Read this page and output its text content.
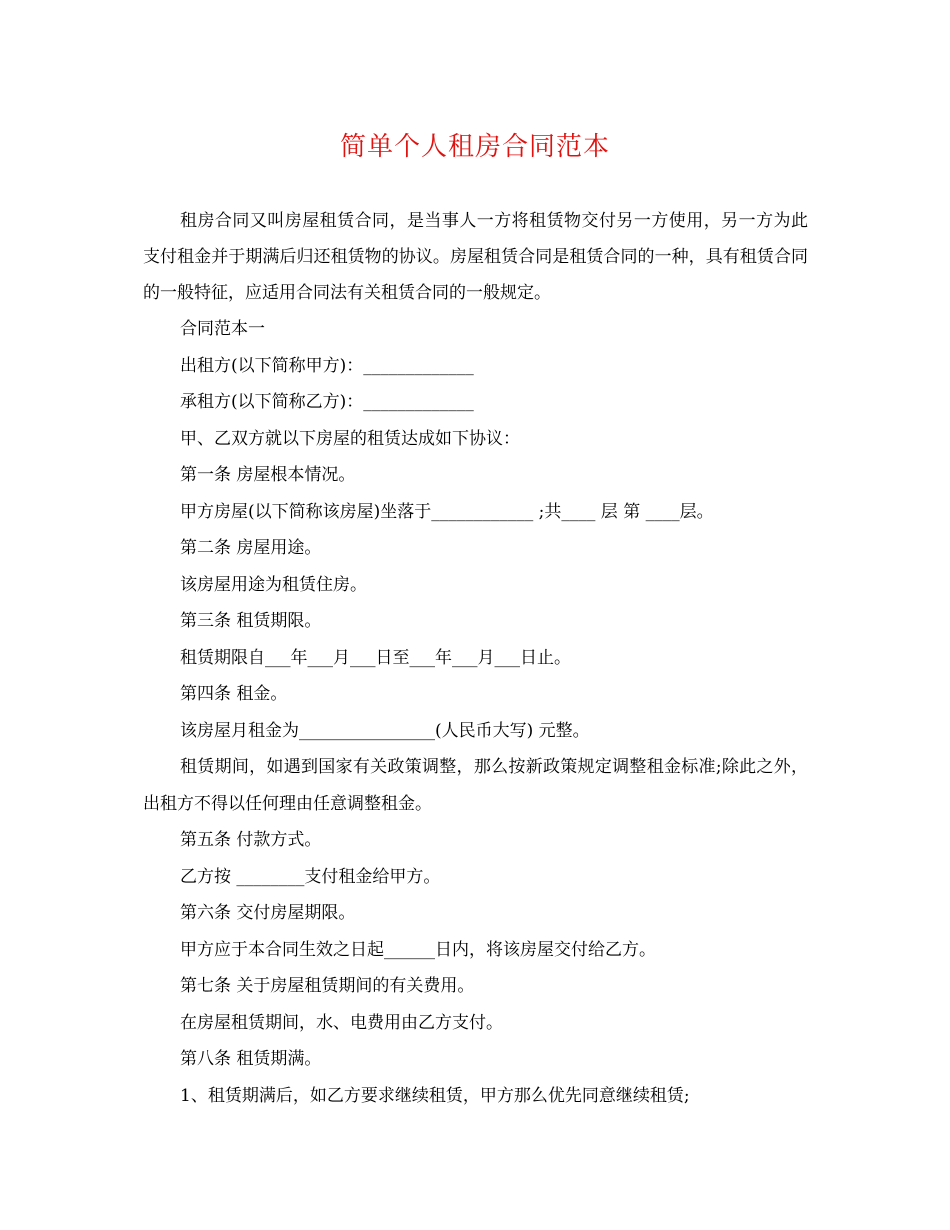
简单个人租房合同范本

租房合同又叫房屋租赁合同，是当事人一方将租赁物交付另一方使用，另一方为此支付租金并于期满后归还租赁物的协议。房屋租赁合同是租赁合同的一种，具有租赁合同的一般特征，应适用合同法有关租赁合同的一般规定。

合同范本一

出租方(以下简称甲方)：_____________

承租方(以下简称乙方)：_____________

甲、乙双方就以下房屋的租赁达成如下协议：

第一条 房屋根本情况。

甲方房屋(以下简称该房屋)坐落于____________ ;共____ 层 第 ____层。

第二条 房屋用途。

该房屋用途为租赁住房。

第三条 租赁期限。

租赁期限自___年___月___日至___年___月___日止。

第四条 租金。

该房屋月租金为________________(人民币大写) 元整。

租赁期间，如遇到国家有关政策调整，那么按新政策规定调整租金标准;除此之外，出租方不得以任何理由任意调整租金。

第五条 付款方式。

乙方按 ________支付租金给甲方。

第六条 交付房屋期限。

甲方应于本合同生效之日起______日内，将该房屋交付给乙方。

第七条 关于房屋租赁期间的有关费用。

在房屋租赁期间，水、电费用由乙方支付。

第八条 租赁期满。

1、租赁期满后，如乙方要求继续租赁，甲方那么优先同意继续租赁;
